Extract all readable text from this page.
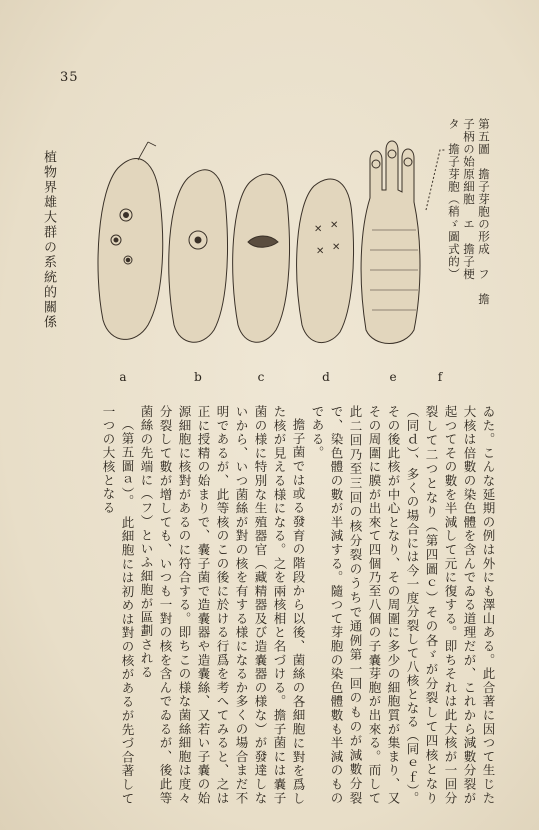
35
植物界雄大群の系統的關係	✕ ✕
✕ ✕
a	b	c	d	e	f
第五圖　擔子芽胞の形成　フ　擔
子柄の始原細胞　エ　擔子梗
タ　擔子芽胞（稍ゞ圖式的）

ゐた。こんな延期の例は外にも澤山ある。此合著に因つて生じた大核は倍數の染色體を含んでゐる道理だが、これから減數分裂が起つてその數を半減して元に復する。即ちそれは此大核が一回分裂して二つとなり（第四圖ｃ）その各ゞが分裂して四核となり（同ｄ）、多くの場合には今一度分裂して八核となる（同ｅｆ）。その後此核が中心となり、その周圍に多少の細胞質が集まり、又その周圍に膜が出來て四個乃至八個の子嚢芽胞が出來る。而して此二回乃至三回の核分裂のうちで通例第一回のものが減數分裂で、染色體の數が半減する。隨つて芽胞の染色體數も半減のものである。

擔子菌では或る發育の階段から以後、菌絲の各細胞に對を爲した核が見える様になる。之を兩核相と名づける。擔子菌には嚢子菌の様に特別な生殖器官（藏精器及び造嚢器の様な）が發達しないから、いつ菌絲が對の核を有する様になるか多くの場合まだ不明であるが、此等核のこの後に於ける行爲を考へてみると、之は正に授精の始まりで、嚢子菌で造嚢器や造嚢絲、又若い子嚢の始源細胞に核對があるのに符合する。即ちこの様な菌絲細胞は度々分裂して數が增しても、いつも一對の核を含んでゐるが、後此等菌絲の先端に（フ）といふ細胞が區劃される

（第五圖ａ）。　此細胞には初めは對の核があるが先づ合著して一つの大核となる
